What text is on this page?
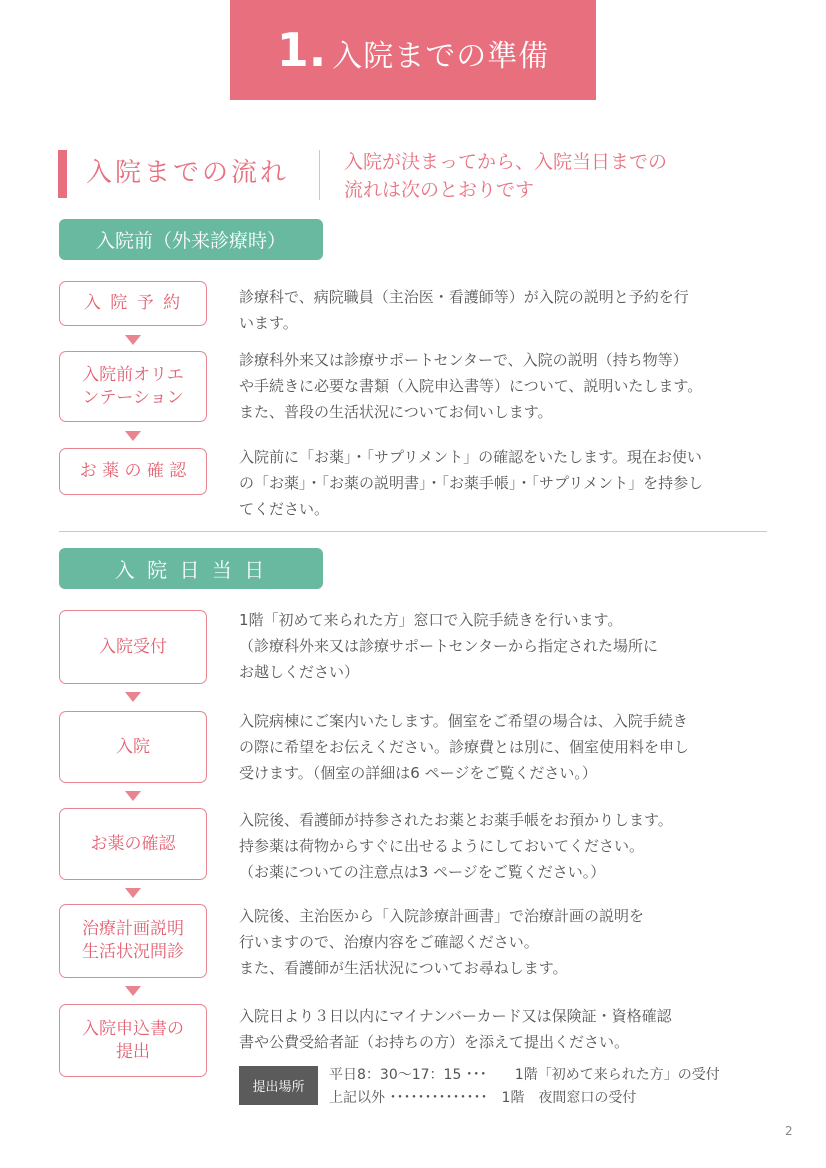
1. 入院までの準備
入院までの流れ	入院が決まってから、入院当日までの
流れは次のとおりです
入院前（外来診療時）
入 院 予 約	診療科で、病院職員（主治医・看護師等）が入院の説明と予約を行
います。
入院前オリエ
ンテーション
診療科外来又は診療サポートセンターで、入院の説明（持ち物等）
や手続きに必要な書類（入院申込書等）について、説明いたします。
また、普段の生活状況についてお伺いします。
お 薬 の 確 認
入院前に「お薬」・「サプリメント」の確認をいたします。現在お使い
の「お薬」・「お薬の説明書」・「お薬手帳」・「サプリメント」を持参し
てください。
入 院 日 当 日
入院受付
1階「初めて来られた方」窓口で入院手続きを行います。
（診療科外来又は診療サポートセンターから指定された場所に
お越しください）
入院
入院病棟にご案内いたします。個室をご希望の場合は、入院手続き
の際に希望をお伝えください。診療費とは別に、個室使用料を申し
受けます。（個室の詳細は6 ページをご覧ください。）
お薬の確認
入院後、看護師が持参されたお薬とお薬手帳をお預かりします。
持参薬は荷物からすぐに出せるようにしておいてください。
（お薬についての注意点は3 ページをご覧ください。）
治療計画説明
生活状況問診
入院後、主治医から「入院診療計画書」で治療計画の説明を
行いますので、治療内容をご確認ください。
また、看護師が生活状況についてお尋ねします。
入院申込書の
提出
入院日より３日以内にマイナンバーカード又は保険証・資格確認
書や公費受給者証（お持ちの方）を添えて提出ください。
提出場所
平日8：30〜17：15 ･･･　　1階「初めて来られた方」の受付
上記以外 ･･････････････　1階　夜間窓口の受付
2
